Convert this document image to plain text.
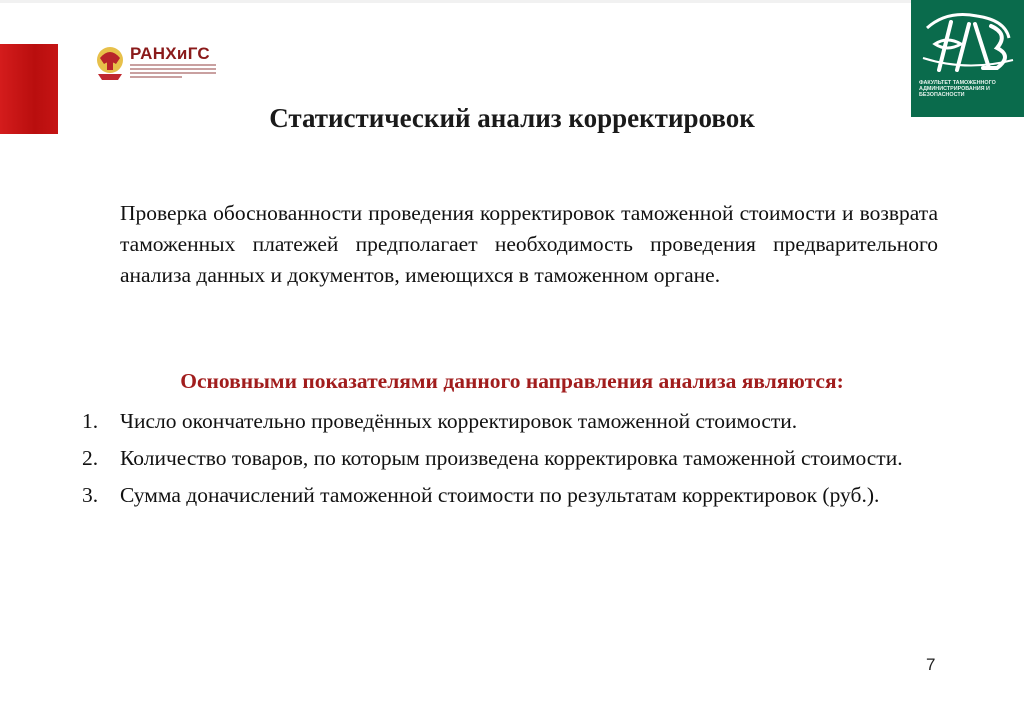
РАНХиГС
ФАКУЛЬТЕТ ТАМОЖЕННОГО АДМИНИСТРИРОВАНИЯ И БЕЗОПАСНОСТИ
Статистический анализ корректировок
Проверка обоснованности проведения корректировок таможенной стоимости и возврата таможенных платежей предполагает необходимость проведения предварительного анализа данных и документов, имеющихся в таможенном органе.
Основными показателями данного направления анализа являются:
1. Число окончательно проведённых корректировок таможенной стоимости.
2. Количество товаров, по которым произведена корректировка таможенной стоимости.
3. Сумма доначислений таможенной стоимости по результатам корректировок (руб.).
7
